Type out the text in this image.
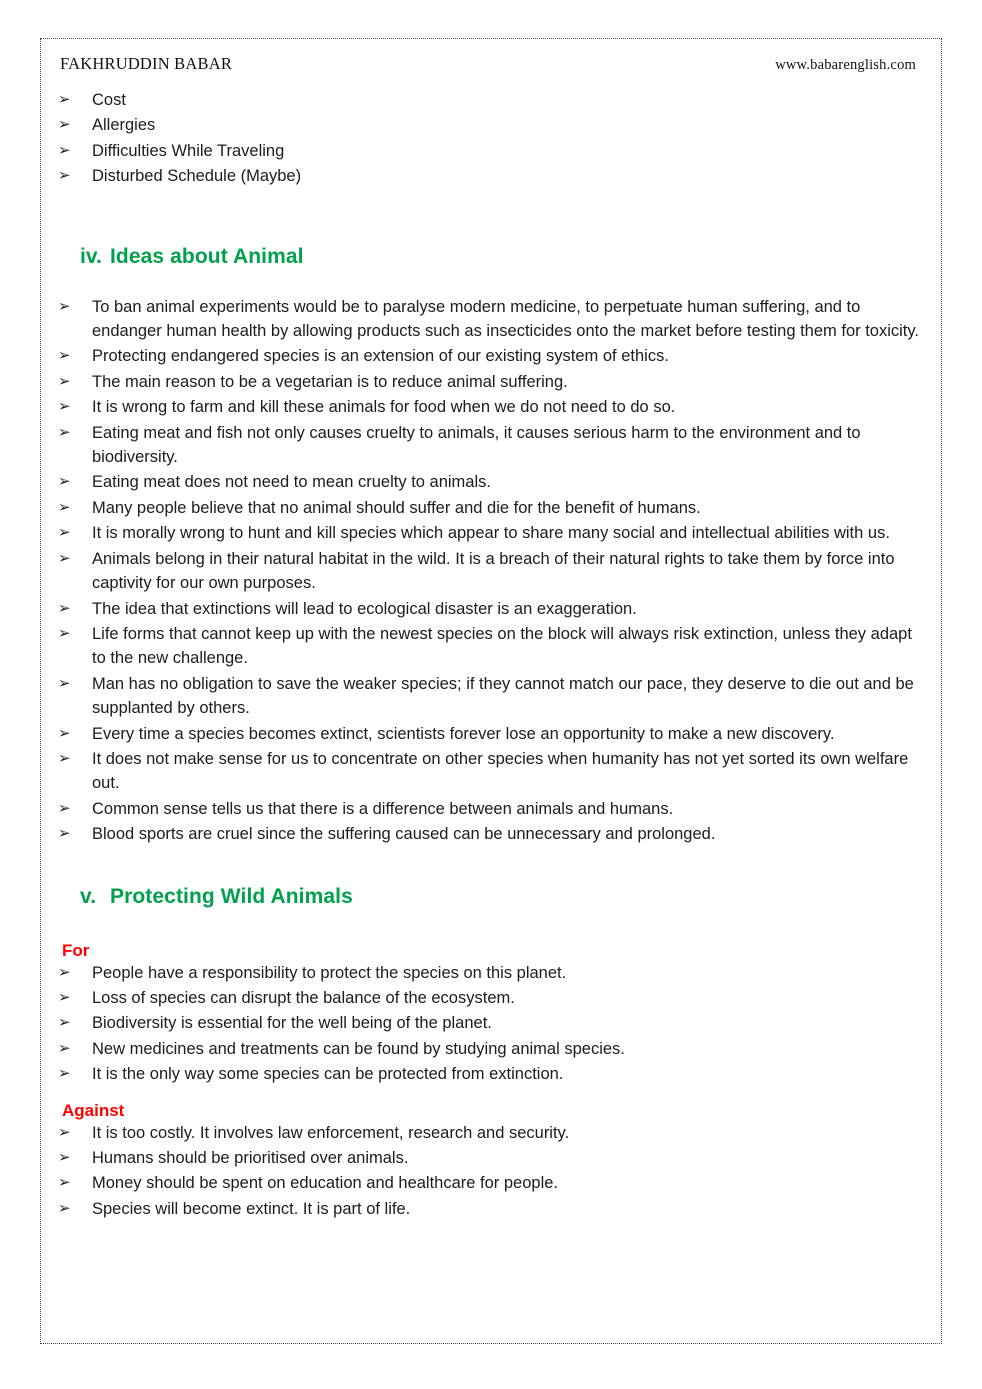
FAKHRUDDIN BABAR	www.babarenglish.com
➢ Cost
➢ Allergies
➢ Difficulties While Traveling
➢ Disturbed Schedule (Maybe)
iv. Ideas about Animal
➢ To ban animal experiments would be to paralyse modern medicine, to perpetuate human suffering, and to endanger human health by allowing products such as insecticides onto the market before testing them for toxicity.
➢ Protecting endangered species is an extension of our existing system of ethics.
➢ The main reason to be a vegetarian is to reduce animal suffering.
➢ It is wrong to farm and kill these animals for food when we do not need to do so.
➢ Eating meat and fish not only causes cruelty to animals, it causes serious harm to the environment and to biodiversity.
➢ Eating meat does not need to mean cruelty to animals.
➢ Many people believe that no animal should suffer and die for the benefit of humans.
➢ It is morally wrong to hunt and kill species which appear to share many social and intellectual abilities with us.
➢ Animals belong in their natural habitat in the wild. It is a breach of their natural rights to take them by force into captivity for our own purposes.
➢ The idea that extinctions will lead to ecological disaster is an exaggeration.
➢ Life forms that cannot keep up with the newest species on the block will always risk extinction, unless they adapt to the new challenge.
➢ Man has no obligation to save the weaker species; if they cannot match our pace, they deserve to die out and be supplanted by others.
➢ Every time a species becomes extinct, scientists forever lose an opportunity to make a new discovery.
➢ It does not make sense for us to concentrate on other species when humanity has not yet sorted its own welfare out.
➢ Common sense tells us that there is a difference between animals and humans.
➢ Blood sports are cruel since the suffering caused can be unnecessary and prolonged.
v. Protecting Wild Animals
For
➢ People have a responsibility to protect the species on this planet.
➢ Loss of species can disrupt the balance of the ecosystem.
➢ Biodiversity is essential for the well being of the planet.
➢ New medicines and treatments can be found by studying animal species.
➢ It is the only way some species can be protected from extinction.
Against
➢ It is too costly. It involves law enforcement, research and security.
➢ Humans should be prioritised over animals.
➢ Money should be spent on education and healthcare for people.
➢ Species will become extinct. It is part of life.
